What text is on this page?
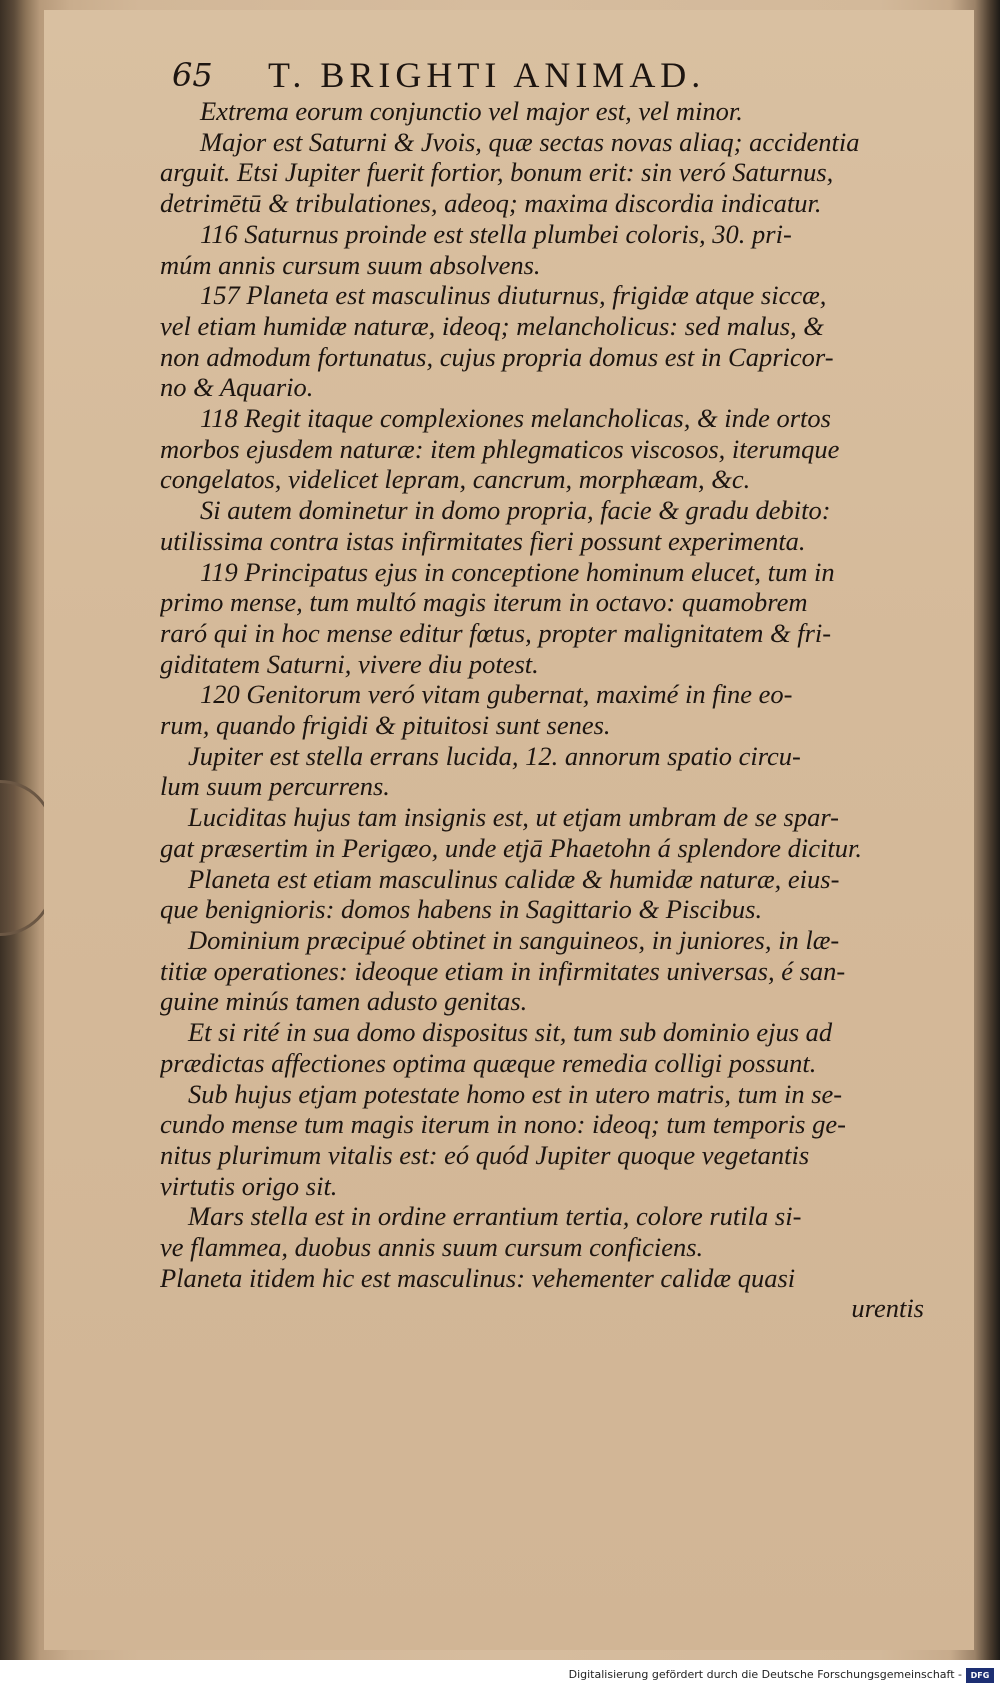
65 T. BRIGHTI ANIMAD.
Extrema eorum conjunctio vel major est, vel minor.
Major est Saturni & Jvois, quæ sectas novas aliaq; accidentia
arguit. Etsi Jupiter fuerit fortior, bonum erit: sin veró Saturnus,
detrimētū & tribulationes, adeoq; maxima discordia indicatur.
116 Saturnus proinde est stella plumbei coloris, 30. pri-
múm annis cursum suum absolvens.
157 Planeta est masculinus diuturnus, frigidæ atque siccæ,
vel etiam humidæ naturæ, ideoq; melancholicus: sed malus, &
non admodum fortunatus, cujus propria domus est in Capricor-
no & Aquario.
118 Regit itaque complexiones melancholicas, & inde ortos
morbos ejusdem naturæ: item phlegmaticos viscosos, iterumque
congelatos, videlicet lepram, cancrum, morphæam, &c.
Si autem dominetur in domo propria, facie & gradu debito:
utilissima contra istas infirmitates fieri possunt experimenta.
119 Principatus ejus in conceptione hominum elucet, tum in
primo mense, tum multó magis iterum in octavo: quamobrem
raró qui in hoc mense editur fœtus, propter malignitatem & fri-
giditatem Saturni, vivere diu potest.
120 Genitorum veró vitam gubernat, maximé in fine eo-
rum, quando frigidi & pituitosi sunt senes.
Jupiter est stella errans lucida, 12. annorum spatio circu-
lum suum percurrens.
Luciditas hujus tam insignis est, ut etjam umbram de se spar-
gat præsertim in Perigæo, unde etjā Phaetohn á splendore dicitur.
Planeta est etiam masculinus calidæ & humidæ naturæ, eius-
que benignioris: domos habens in Sagittario & Piscibus.
Dominium præcipué obtinet in sanguineos, in juniores, in læ-
titiæ operationes: ideoque etiam in infirmitates universas, é san-
guine minús tamen adusto genitas.
Et si rité in sua domo dispositus sit, tum sub dominio ejus ad
prædictas affectiones optima quæque remedia colligi possunt.
Sub hujus etjam potestate homo est in utero matris, tum in se-
cundo mense tum magis iterum in nono: ideoq; tum temporis ge-
nitus plurimum vitalis est: eó quód Jupiter quoque vegetantis
virtutis origo sit.
Mars stella est in ordine errantium tertia, colore rutila si-
ve flammea, duobus annis suum cursum conficiens.
Planeta itidem hic est masculinus: vehementer calidæ quasi
urentis
Digitalisierung gefördert durch die Deutsche Forschungsgemeinschaft -	DFG
